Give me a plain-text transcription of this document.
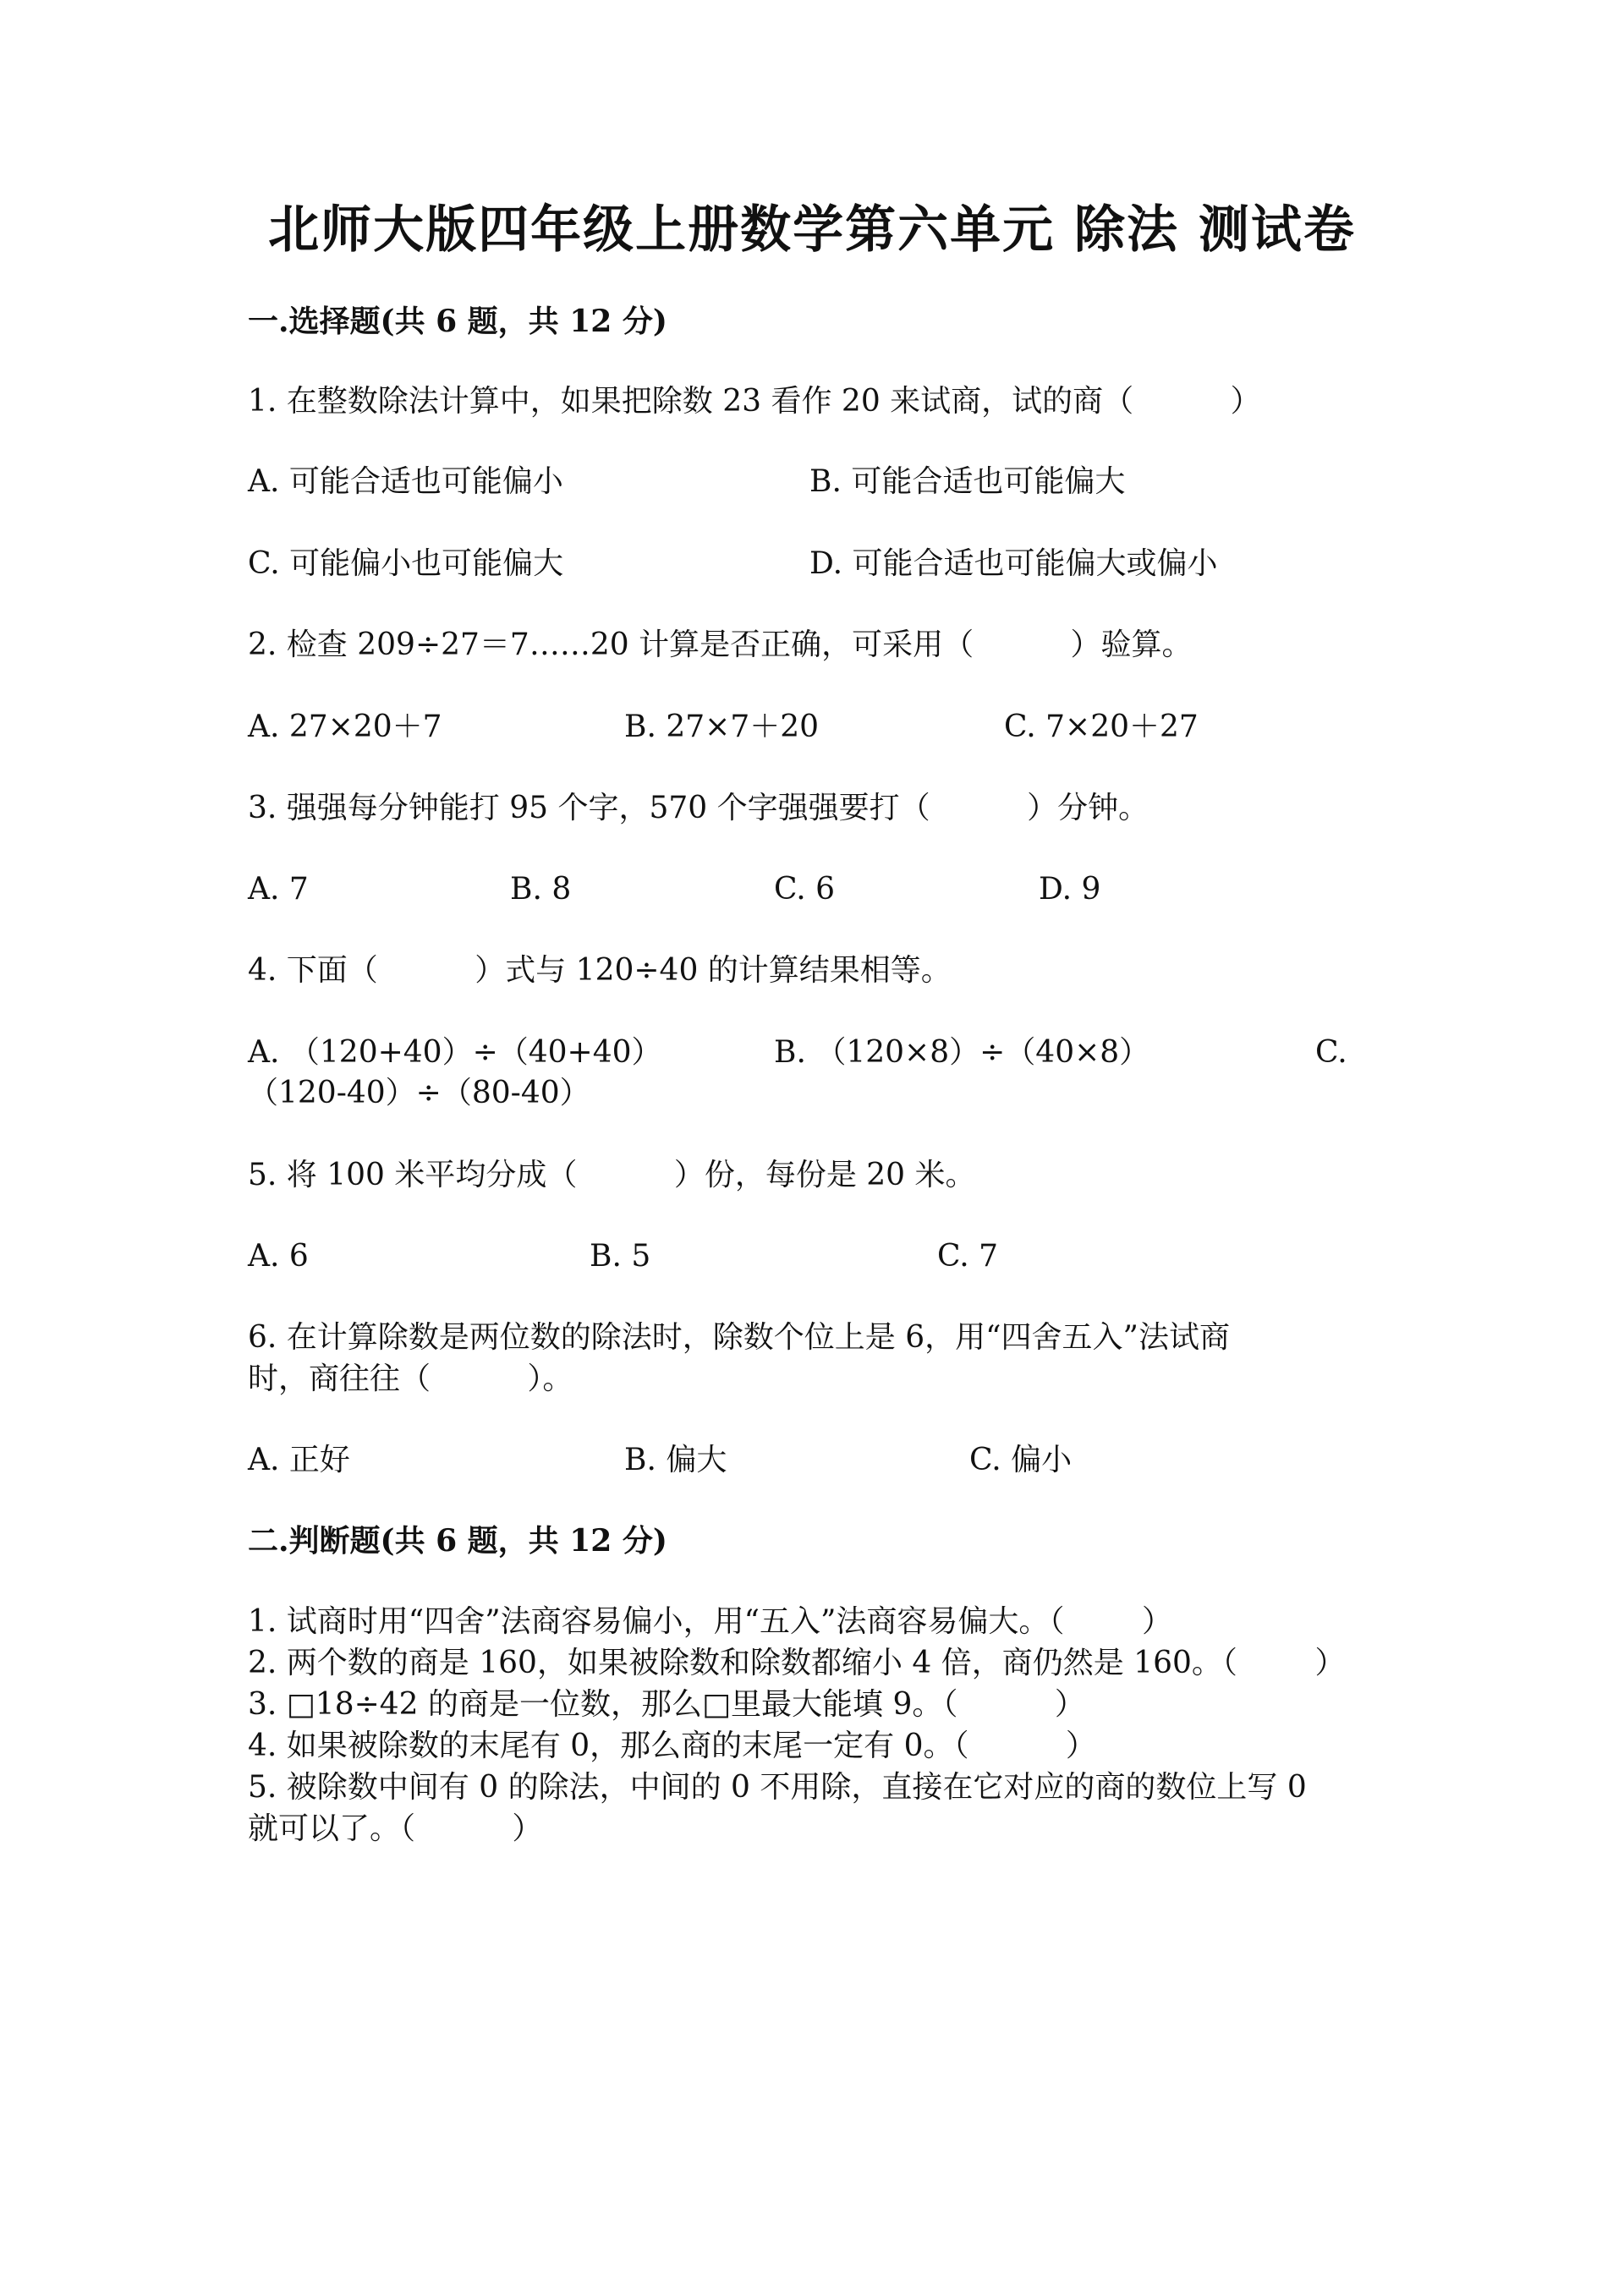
北师大版四年级上册数学第六单元 除法 测试卷
一.选择题(共 6 题，共 12 分)
1. 在整数除法计算中，如果把除数 23 看作 20 来试商，试的商（          ）
A. 可能合适也可能偏小	B. 可能合适也可能偏大
C. 可能偏小也可能偏大	D. 可能合适也可能偏大或偏小
2. 检查 209÷27＝7……20 计算是否正确，可采用（          ）验算。
A. 27×20＋7	B. 27×7＋20	C. 7×20＋27
3. 强强每分钟能打 95 个字，570 个字强强要打（          ）分钟。
A. 7	B. 8	C. 6	D. 9
4. 下面（          ）式与 120÷40 的计算结果相等。
A. （120+40）÷（40+40）	B. （120×8）÷（40×8）	C.
（120-40）÷（80-40）
5. 将 100 米平均分成（          ）份，每份是 20 米。
A. 6	B. 5	C. 7
6. 在计算除数是两位数的除法时，除数个位上是 6，用“四舍五入”法试商
时，商往往（          ）。
A. 正好	B. 偏大	C. 偏小
二.判断题(共 6 题，共 12 分)
1. 试商时用“四舍”法商容易偏小，用“五入”法商容易偏大。（        ）
2. 两个数的商是 160，如果被除数和除数都缩小 4 倍，商仍然是 160。（        ）
3. □18÷42 的商是一位数，那么□里最大能填 9。（          ）
4. 如果被除数的末尾有 0，那么商的末尾一定有 0。（          ）
5. 被除数中间有 0 的除法，中间的 0 不用除，直接在它对应的商的数位上写 0
就可以了。（          ）
